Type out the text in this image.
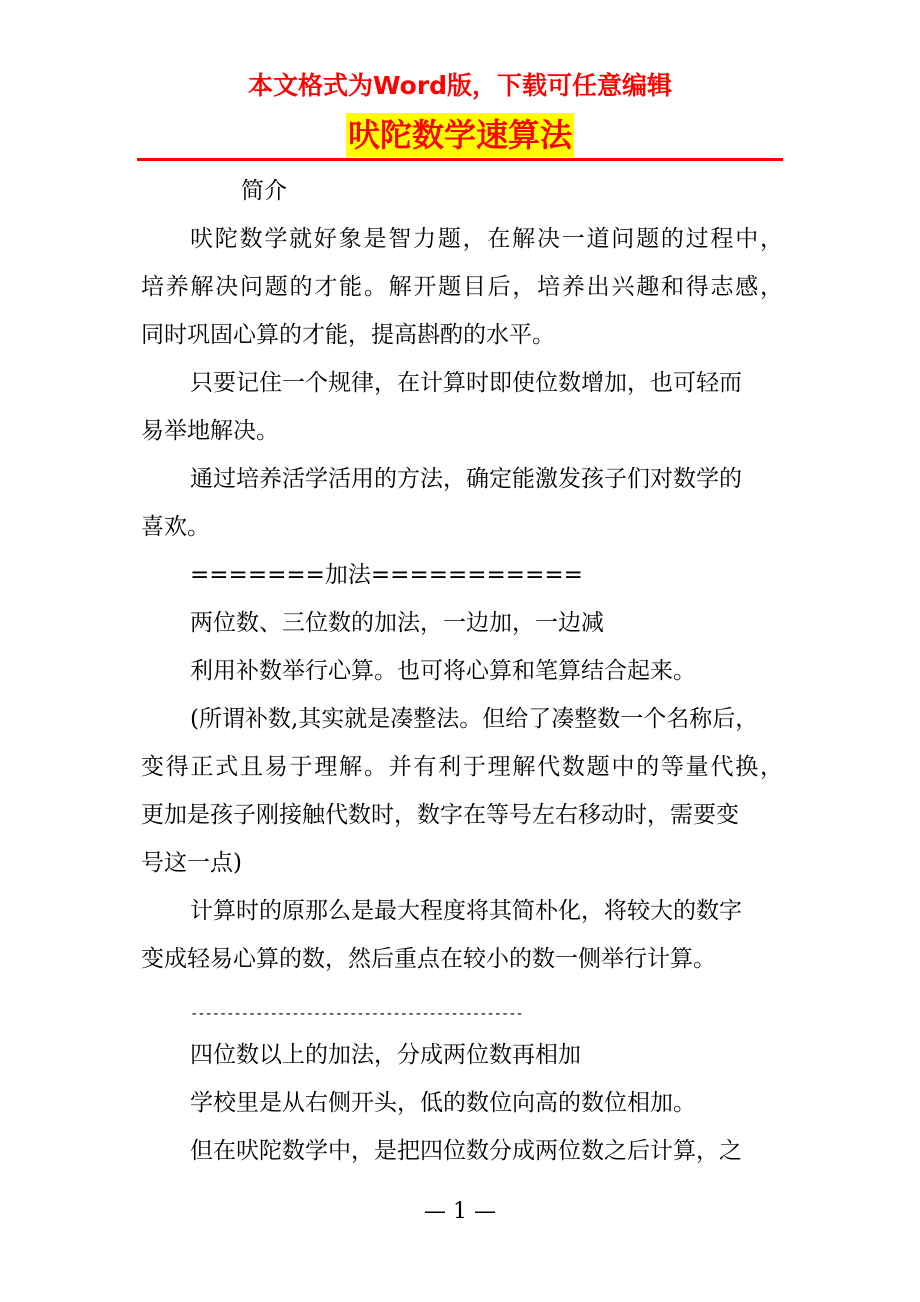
本文格式为Word版，下载可任意编辑
吠陀数学速算法
简介
吠陀数学就好象是智力题，在解决一道问题的过程中，
培养解决问题的才能。解开题目后，培养出兴趣和得志感，
同时巩固心算的才能，提高斟酌的水平。
只要记住一个规律，在计算时即使位数增加，也可轻而
易举地解决。
通过培养活学活用的方法，确定能激发孩子们对数学的
喜欢。
=======加法===========
两位数、三位数的加法，一边加，一边减
利用补数举行心算。也可将心算和笔算结合起来。
(所谓补数,其实就是凑整法。但给了凑整数一个名称后，
变得正式且易于理解。并有利于理解代数题中的等量代换，
更加是孩子刚接触代数时，数字在等号左右移动时，需要变
号这一点)
计算时的原那么是最大程度将其简朴化，将较大的数字
变成轻易心算的数，然后重点在较小的数一侧举行计算。
----------------------------------------------
四位数以上的加法，分成两位数再相加
学校里是从右侧开头，低的数位向高的数位相加。
但在吠陀数学中，是把四位数分成两位数之后计算，之
— 1 —
